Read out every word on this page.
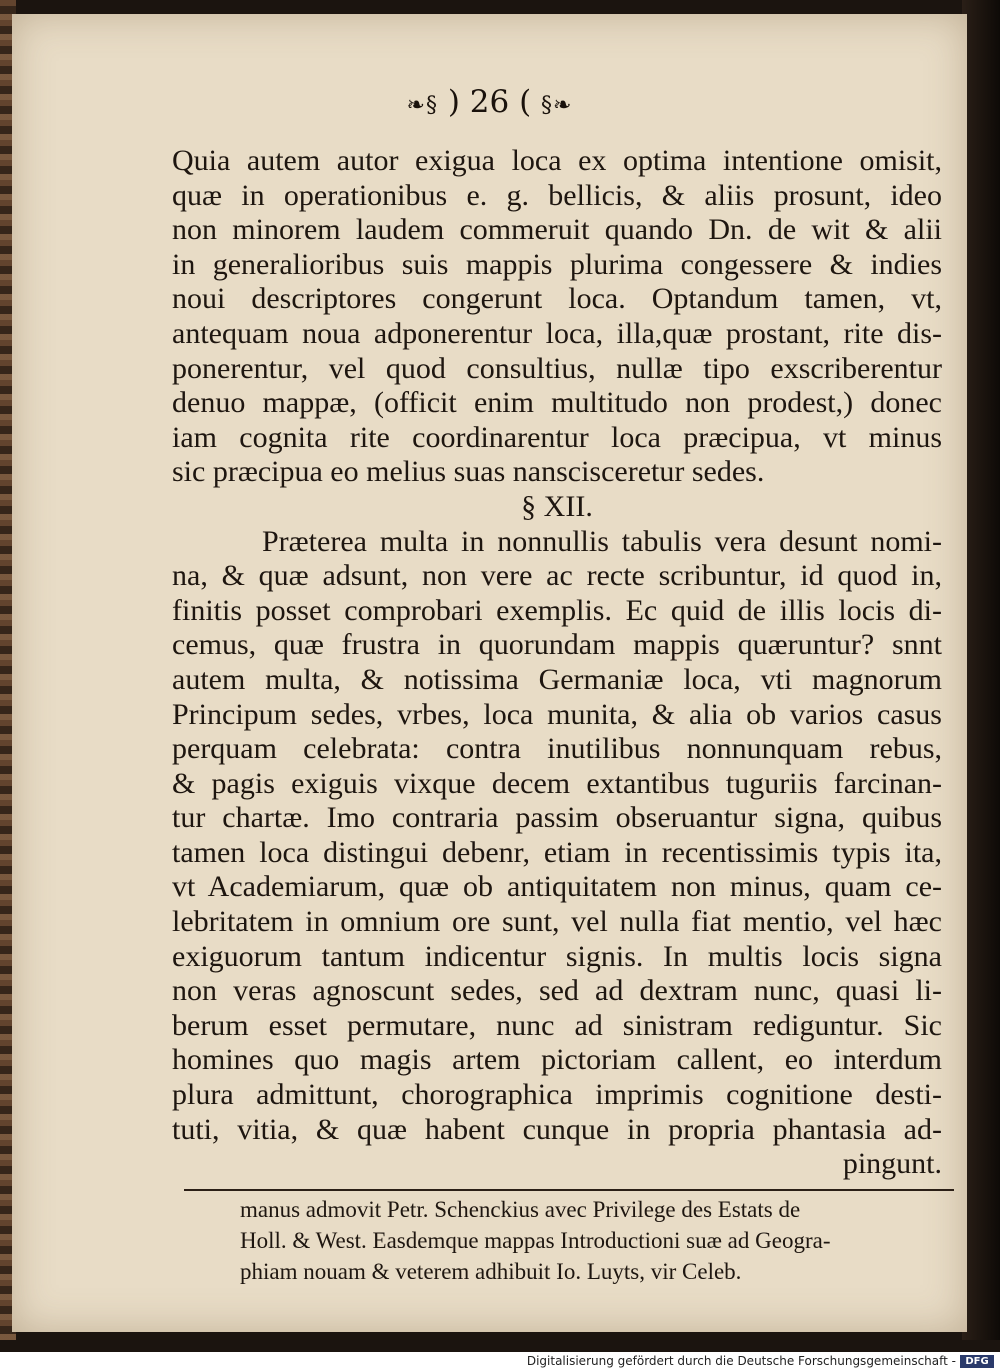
❧§ ) 26 ( §❧
Quia autem autor exigua loca ex optima intentione omisit,
quæ in operationibus e. g. bellicis, & aliis prosunt, ideo
non minorem laudem commeruit quando Dn. de wit & alii
in generalioribus suis mappis plurima congessere & indies
noui descriptores congerunt loca. Optandum tamen, vt,
antequam noua adponerentur loca, illa,quæ prostant, rite dis-
ponerentur, vel quod consultius, nullæ tipo exscriberentur
denuo mappæ, (officit enim multitudo non prodest,) donec
iam cognita rite coordinarentur loca præcipua, vt minus
sic præcipua eo melius suas nanscisceretur sedes.
§ XII.
Præterea multa in nonnullis tabulis vera desunt nomi-
na, & quæ adsunt, non vere ac recte scribuntur, id quod in,
finitis posset comprobari exemplis. Ec quid de illis locis di-
cemus, quæ frustra in quorundam mappis quæruntur? snnt
autem multa, & notissima Germaniæ loca, vti magnorum
Principum sedes, vrbes, loca munita, & alia ob varios casus
perquam celebrata: contra inutilibus nonnunquam rebus,
& pagis exiguis vixque decem extantibus tuguriis farcinan-
tur chartæ. Imo contraria passim obseruantur signa, quibus
tamen loca distingui debenr, etiam in recentissimis typis ita,
vt Academiarum, quæ ob antiquitatem non minus, quam ce-
lebritatem in omnium ore sunt, vel nulla fiat mentio, vel hæc
exiguorum tantum indicentur signis. In multis locis signa
non veras agnoscunt sedes, sed ad dextram nunc, quasi li-
berum esset permutare, nunc ad sinistram rediguntur. Sic
homines quo magis artem pictoriam callent, eo interdum
plura admittunt, chorographica imprimis cognitione desti-
tuti, vitia, & quæ habent cunque in propria phantasia ad-
pingunt.
manus admovit Petr. Schenckius avec Privilege des Estats de
Holl. & West. Easdemque mappas Introductioni suæ ad Geogra-
phiam nouam & veterem adhibuit Io. Luyts, vir Celeb.
Digitalisierung gefördert durch die Deutsche Forschungsgemeinschaft - DFG
